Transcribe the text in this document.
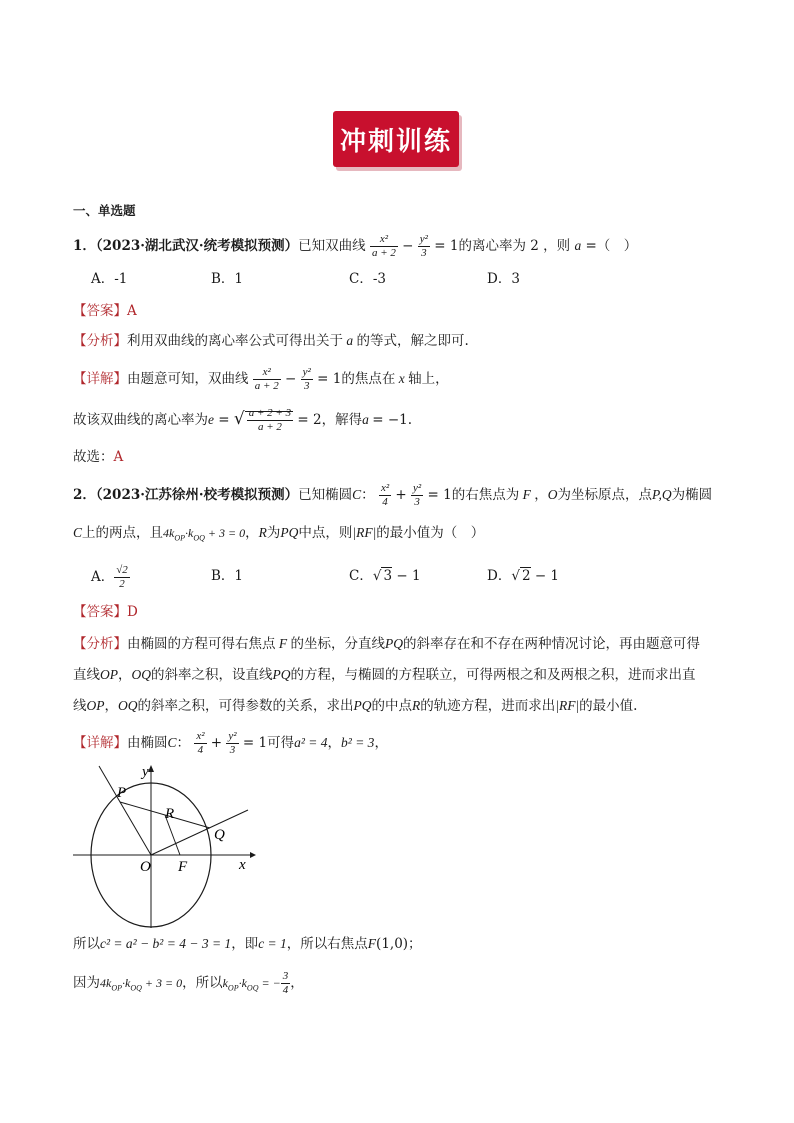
冲刺训练
一、单选题
1．（2023·湖北武汉·统考模拟预测）已知双曲线 $\frac{\text{x²}}{a + 2} - \frac{\text{y²}}{3} = 1$的离心率为 2 ，则 a =（　）
A．-1	B．1	C．-3	D．3
【答案】A
【分析】利用双曲线的离心率公式可得出关于 a 的等式，解之即可.
【详解】由题意可知，双曲线 $\frac{\text{x²}}{a + 2} - \frac{\text{y²}}{3} = 1$的焦点在 x 轴上，
故该双曲线的离心率为e = √ $\frac{a + 2 + 3}{a + 2} = 2$，解得a = −1.
故选：A
2．（2023·江苏徐州·校考模拟预测）已知椭圆C： $\frac{\text{x²}}{4} + \frac{\text{y²}}{3} = 1$的右焦点为 F ，O为坐标原点，点P,Q为椭圆
C上的两点，且$4k_{OP}\cdot k_{OQ} + 3 = 0$，R为PQ中点，则|RF|的最小值为（　）
A． $\frac{√2}{2}$	B．1	C．√ 3 − 1	D．√ 2 − 1
【答案】D
【分析】由椭圆的方程可得右焦点 F 的坐标，分直线PQ的斜率存在和不存在两种情况讨论，再由题意可得
直线OP，OQ的斜率之积，设直线PQ的方程，与椭圆的方程联立，可得两根之和及两根之积，进而求出直
线OP，OQ的斜率之积，可得参数的关系，求出PQ的中点R的轨迹方程，进而求出|RF|的最小值.
【详解】由椭圆C： $\frac{\text{x²}}{4} + \frac{\text{y²}}{3} = 1$可得a² = 4，b² = 3，
y
x
O F
P
Q
R
所以c² = a² − b² = 4 − 3 = 1，即c = 1，所以右焦点F(1,0)；
因为$4k_{OP}\cdot k_{OQ} + 3 = 0$，所以$k_{OP}\cdot k_{OQ}$ = − $\frac{3}{4}$ ，
